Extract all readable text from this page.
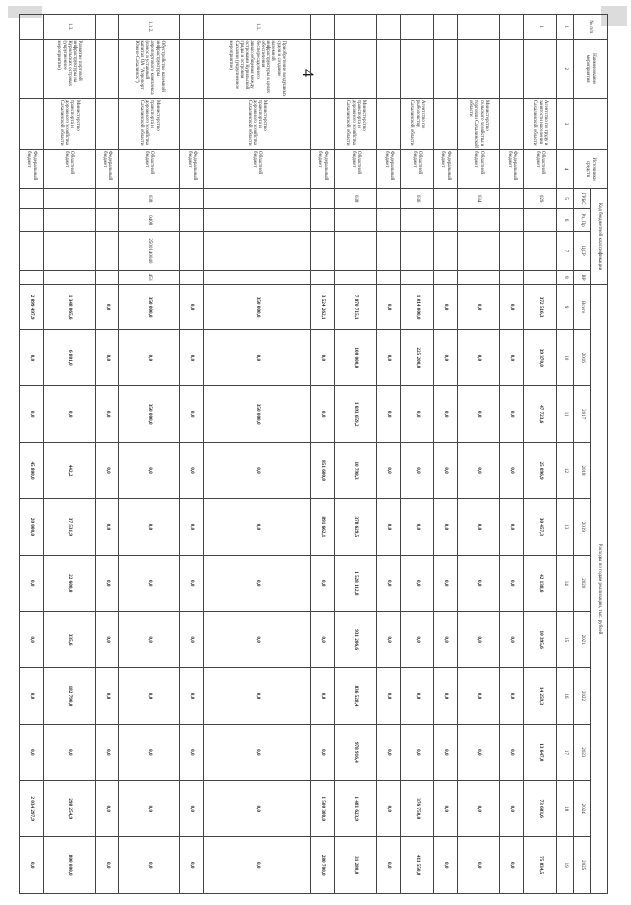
4
№ п/п	Наименование мероприятия		Источники средств	Код бюджетной классификации				Расходы по годам реализации, тыс. рублей										
				ГРБС	Рз, Пр	ЦСР	ВР	Всего	2016	2017	2018	2019	2020	2021	2022	2023	2024	2025
1	2	3	4	5	6	7	8	9	10	11	12	13	14	15	16	17	18	19
1		Агентство по труду и занятости населения Сахалинской области	Областной бюджет	029				372 516,3	39 370,0	47 723,6	25 096,9	30 457,3	42 138,6	10 395,6	14 259,3	13 647,0	73 603,6	75 834,5
			Федеральный бюджет					0,0	0,0	0,0	0,0	0,0	0,0	0,0	0,0	0,0	0,0	0,0
		Министерство сельского хозяйства и торговли Сахалинской области	Областной бюджет	034				0,0	0,0	0,0	0,0	0,0	0,0	0,0	0,0	0,0	0,0	0,0
			Федеральный бюджет					0,0	0,0	0,0	0,0	0,0	0,0	0,0	0,0	0,0	0,0	0,0
		Агентство по рыболовству Сахалинской области	Областной бюджет	036				1 014 000,0	225 200,0	0,0	0,0	0,0	0,0	0,0	0,0	0,0	376 750,0	411 550,0
			Федеральный бюджет					0,0	0,0	0,0	0,0	0,0	0,0	0,0	0,0	0,0	0,0	0,0
		Министерство транспорта и дорожного хозяйства Сахалинской области	Областной бюджет	038				7 870 715,1	100 000,0	1 693 659,2	10 798,3	378 629,5	1 528 112,8	931 206,6	836 528,4	978 916,4	1 481 623,9	31 280,0
			Федеральный бюджет					3 524 262,1	0,0	0,0	851 600,0	891 662,1	0,0	0,0	0,0	0,0	1 500 300,0	280 700,0
1.1.	Приобретение воздушных судов и создание наземной инфраструктуры в целях обеспечения беспересадочного авиасообщения между островами Курильской гряды и островом Сахалин (укрупненное мероприятие)	Министерство транспорта и дорожного хозяйства Сахалинской области	Областной бюджет					350 000,0	0,0	350 000,0	0,0	0,0	0,0	0,0	0,0	0,0	0,0	0,0
			Федеральный бюджет					0,0	0,0	0,0	0,0	0,0	0,0	0,0	0,0	0,0	0,0	0,0
1.1.2.	Обустройство наземной инфраструктуры аэропортового комплекса (взнос в уставный капитал ОА "Аэропорт Южно-Сахалинск")	Министерство транспорта и дорожного хозяйства Сахалинской области	Областной бюджет	038	0408	2500140040	451	350 000,0	0,0	350 000,0	0,0	0,0	0,0	0,0	0,0	0,0	0,0	0,0
			Федеральный бюджет					0,0	0,0	0,0	0,0	0,0	0,0	0,0	0,0	0,0	0,0	0,0
1.3.	Развитие портовой инфраструктуры на Курильских островах (укрупненное мероприятие)	Министерство транспорта и дорожного хозяйства Сахалинской области	Областной бюджет					1 348 065,6	6 801,0	0,0	442,2	37 531,9	22 600,0	335,6	182 790,0	0,0	298 254,9	800 000,0
			Федеральный бюджет					2 099 497,9	0,0	0,0	45 800,0	20 000,0	0,0	0,0	0,0	0,0	2 034 297,9	0,0
